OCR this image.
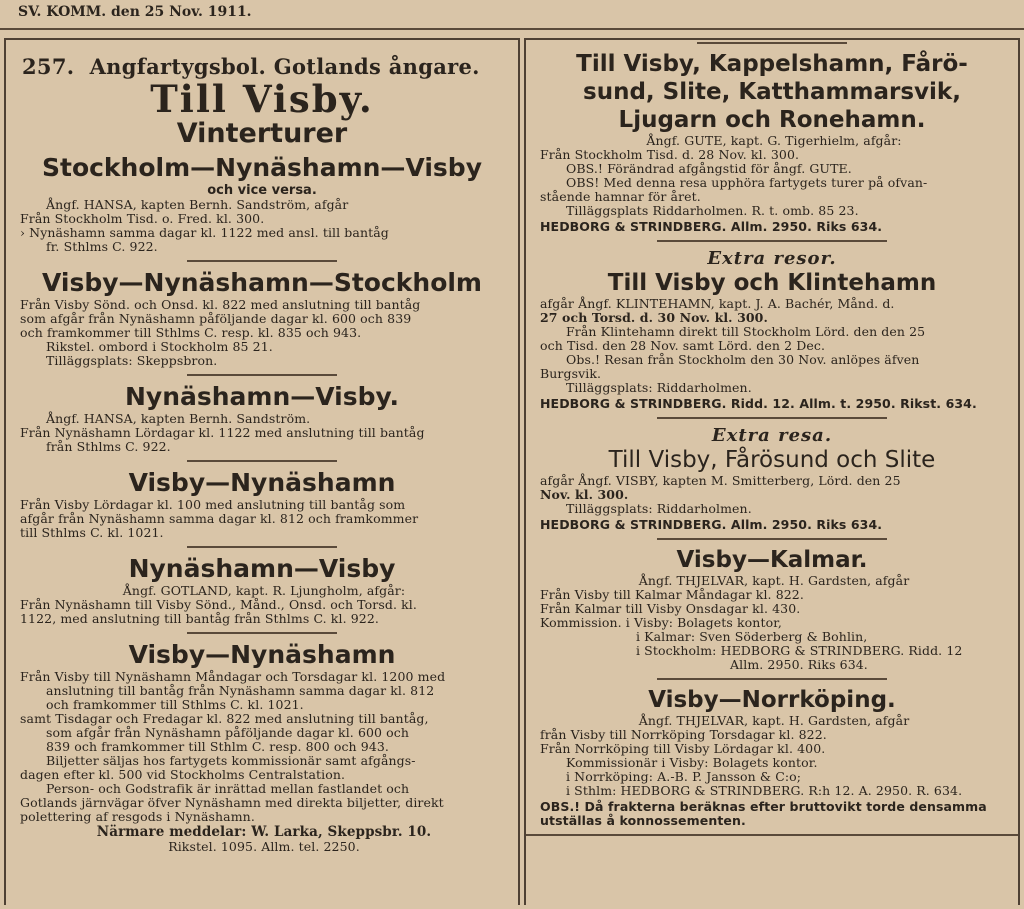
SV. KOMM. den 25 Nov. 1911.

257. Angfartygsbol. Gotlands ångare.

Till Visby.

Vinterturer

Stockholm—Nynäshamn—Visby

och vice versa.

Ångf. HANSA, kapten Bernh. Sandström, afgår

Från Stockholm Tisd. o. Fred. kl. 300.

› Nynäshamn samma dagar kl. 1122 med ansl. till bantåg

fr. Sthlms C. 922.

Visby—Nynäshamn—Stockholm

Från Visby Sönd. och Onsd. kl. 822 med anslutning till bantåg

som afgår från Nynäshamn påföljande dagar kl. 600 och 839

och framkommer till Sthlms C. resp. kl. 835 och 943.

Rikstel. ombord i Stockholm 85 21.

Tilläggsplats: Skeppsbron.

Nynäshamn—Visby.

Ångf. HANSA, kapten Bernh. Sandström.

Från Nynäshamn Lördagar kl. 1122 med anslutning till bantåg

från Sthlms C. 922.

Visby—Nynäshamn

Från Visby Lördagar kl. 100 med anslutning till bantåg som

afgår från Nynäshamn samma dagar kl. 812 och framkommer

till Sthlms C. kl. 1021.

Nynäshamn—Visby

Ångf. GOTLAND, kapt. R. Ljungholm, afgår:

Från Nynäshamn till Visby Sönd., Månd., Onsd. och Torsd. kl.

1122, med anslutning till bantåg från Sthlms C. kl. 922.

Visby—Nynäshamn

Från Visby till Nynäshamn Måndagar och Torsdagar kl. 1200 med

anslutning till bantåg från Nynäshamn samma dagar kl. 812

och framkommer till Sthlms C. kl. 1021.

samt Tisdagar och Fredagar kl. 822 med anslutning till bantåg,

som afgår från Nynäshamn påföljande dagar kl. 600 och

839 och framkommer till Sthlm C. resp. 800 och 943.

Biljetter säljas hos fartygets kommissionär samt afgångs-

dagen efter kl. 500 vid Stockholms Centralstation.

Person- och Godstrafik är inrättad mellan fastlandet och

Gotlands järnvägar öfver Nynäshamn med direkta biljetter, direkt

polettering af resgods i Nynäshamn.

Närmare meddelar: W. Larka, Skeppsbr. 10.

Rikstel. 1095. Allm. tel. 2250.

Till Visby, Kappelshamn, Fårö-

sund, Slite, Katthammarsvik,

Ljugarn och Ronehamn.

Ångf. GUTE, kapt. G. Tigerhielm, afgår:

Från Stockholm Tisd. d. 28 Nov. kl. 300.

OBS.! Förändrad afgångstid för ångf. GUTE.

OBS! Med denna resa upphöra fartygets turer på ofvan-

stående hamnar för året.

Tilläggsplats Riddarholmen. R. t. omb. 85 23.

HEDBORG & STRINDBERG. Allm. 2950. Riks 634.

Extra resor.

Till Visby och Klintehamn

afgår Ångf. KLINTEHAMN, kapt. J. A. Bachér, Månd. d.

27 och Torsd. d. 30 Nov. kl. 300.

Från Klintehamn direkt till Stockholm Lörd. den den 25

och Tisd. den 28 Nov. samt Lörd. den 2 Dec.

Obs.! Resan från Stockholm den 30 Nov. anlöpes äfven

Burgsvik.

Tilläggsplats: Riddarholmen.

HEDBORG & STRINDBERG. Ridd. 12. Allm. t. 2950. Rikst. 634.

Extra resa.

Till Visby, Fårösund och Slite

afgår Ångf. VISBY, kapten M. Smitterberg, Lörd. den 25

Nov. kl. 300.

Tilläggsplats: Riddarholmen.

HEDBORG & STRINDBERG. Allm. 2950. Riks 634.

Visby—Kalmar.

Ångf. THJELVAR, kapt. H. Gardsten, afgår

Från Visby till Kalmar Måndagar kl. 822.

Från Kalmar till Visby Onsdagar kl. 430.

Kommission. i Visby: Bolagets kontor,

i Kalmar: Sven Söderberg & Bohlin,

i Stockholm: HEDBORG & STRINDBERG. Ridd. 12

Allm. 2950. Riks 634.

Visby—Norrköping.

Ångf. THJELVAR, kapt. H. Gardsten, afgår

från Visby till Norrköping Torsdagar kl. 822.

Från Norrköping till Visby Lördagar kl. 400.

Kommissionär i Visby: Bolagets kontor.

i Norrköping: A.-B. P. Jansson & C:o;

i Sthlm: HEDBORG & STRINDBERG. R:h 12. A. 2950. R. 634.

OBS.! Då frakterna beräknas efter bruttovikt torde densamma

utställas å konnossementen.
